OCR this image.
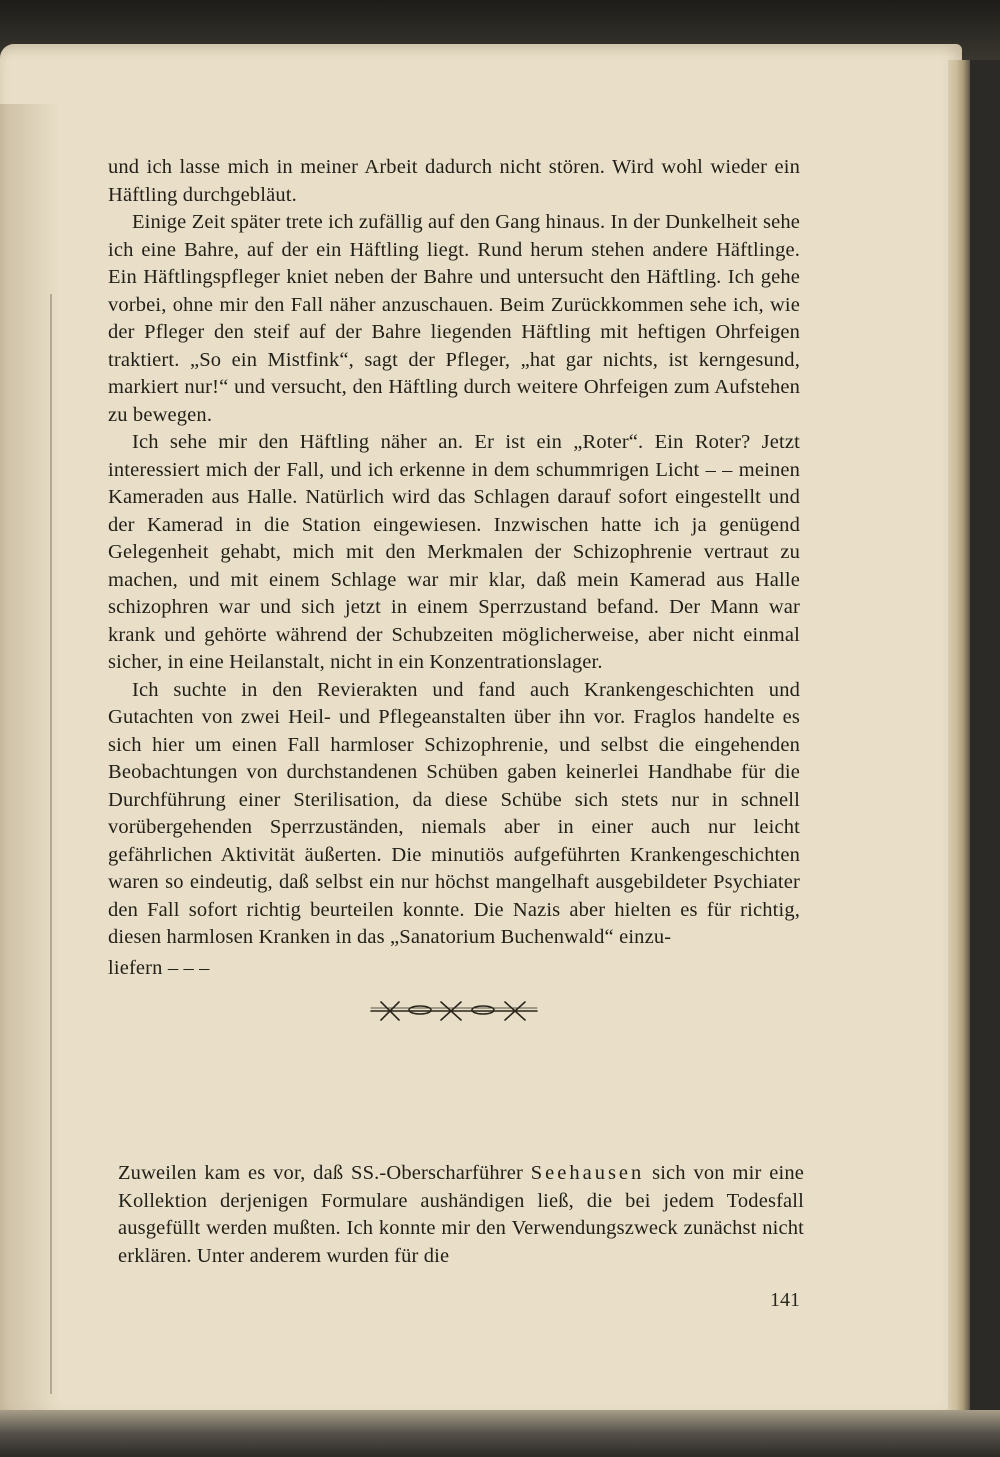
und ich lasse mich in meiner Arbeit dadurch nicht stören. Wird wohl wieder ein Häftling durchgebläut.

Einige Zeit später trete ich zufällig auf den Gang hinaus. In der Dunkelheit sehe ich eine Bahre, auf der ein Häftling liegt. Rund herum stehen andere Häftlinge. Ein Häftlingspfleger kniet neben der Bahre und untersucht den Häftling. Ich gehe vorbei, ohne mir den Fall näher anzuschauen. Beim Zurückkommen sehe ich, wie der Pfleger den steif auf der Bahre liegenden Häftling mit heftigen Ohrfeigen traktiert. „So ein Mistfink“, sagt der Pfleger, „hat gar nichts, ist kerngesund, markiert nur!“ und versucht, den Häftling durch weitere Ohrfeigen zum Aufstehen zu bewegen.

Ich sehe mir den Häftling näher an. Er ist ein „Roter“. Ein Roter? Jetzt interessiert mich der Fall, und ich erkenne in dem schummrigen Licht – – meinen Kameraden aus Halle. Natürlich wird das Schlagen darauf sofort eingestellt und der Kamerad in die Station eingewiesen. Inzwischen hatte ich ja genügend Gelegenheit gehabt, mich mit den Merkmalen der Schizophrenie vertraut zu machen, und mit einem Schlage war mir klar, daß mein Kamerad aus Halle schizophren war und sich jetzt in einem Sperrzustand befand. Der Mann war krank und gehörte während der Schubzeiten möglicherweise, aber nicht einmal sicher, in eine Heilanstalt, nicht in ein Konzentrationslager.

Ich suchte in den Revierakten und fand auch Krankengeschichten und Gutachten von zwei Heil- und Pflegeanstalten über ihn vor. Fraglos handelte es sich hier um einen Fall harmloser Schizophrenie, und selbst die eingehenden Beobachtungen von durchstandenen Schüben gaben keinerlei Handhabe für die Durchführung einer Sterilisation, da diese Schübe sich stets nur in schnell vorübergehenden Sperrzuständen, niemals aber in einer auch nur leicht gefährlichen Aktivität äußerten. Die minutiös aufgeführten Krankengeschichten waren so eindeutig, daß selbst ein nur höchst mangelhaft ausgebildeter Psychiater den Fall sofort richtig beurteilen konnte. Die Nazis aber hielten es für richtig, diesen harmlosen Kranken in das „Sanatorium Buchenwald“ einzu-

liefern – – –

Zuweilen kam es vor, daß SS.-Oberscharführer Seehausen sich von mir eine Kollektion derjenigen Formulare aushändigen ließ, die bei jedem Todesfall ausgefüllt werden mußten. Ich konnte mir den Verwendungszweck zunächst nicht erklären. Unter anderem wurden für die
141
